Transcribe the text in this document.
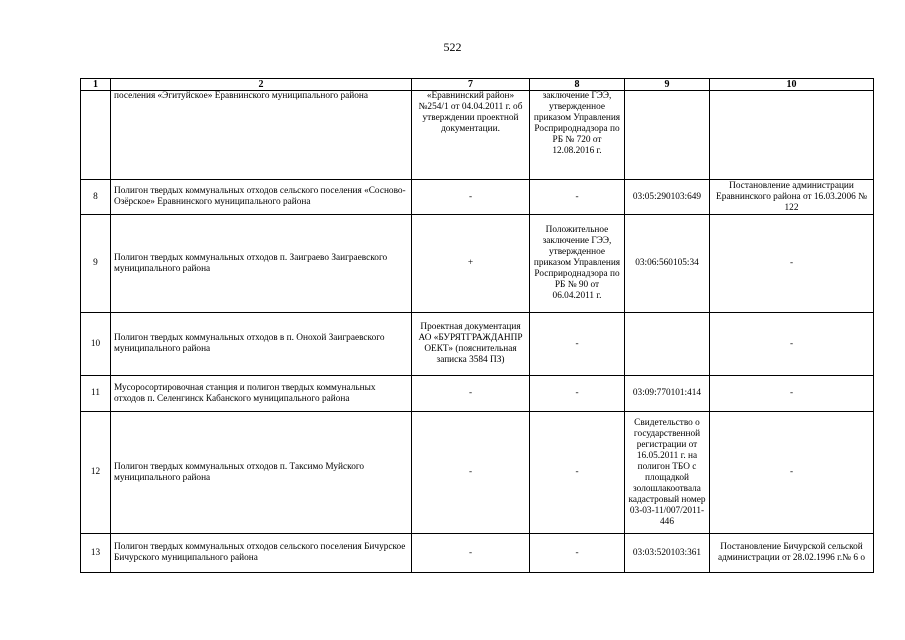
522
1	2	7	8	9	10
	поселения «Эгитуйское» Еравнинского муниципального района	«Еравнинский район» №254/1 от 04.04.2011 г. об утверждении проектной документации.	заключение ГЭЭ, утвержденное приказом Управления Росприроднадзора по РБ № 720 от 12.08.2016 г.		
8	Полигон твердых коммунальных отходов сельского поселения «Сосново-Озёрское» Еравнинского муниципального района	-	-	03:05:290103:649	Постановление администрации Еравнинского района от 16.03.2006 № 122
9	Полигон твердых коммунальных отходов п. Заиграево Заиграевского муниципального района	+	Положительное заключение ГЭЭ, утвержденное приказом Управления Росприроднадзора по РБ № 90 от 06.04.2011 г.	03:06:560105:34	-
10	Полигон твердых коммунальных отходов в п. Онохой Заиграевского муниципального района	Проектная документация АО «БУРЯТГРАЖДАНПР ОЕКТ» (пояснительная записка 3584 ПЗ)	-		-
11	Мусоросортировочная станция и полигон твердых коммунальных отходов п. Селенгинск Кабанского муниципального района	-	-	03:09:770101:414	-
12	Полигон твердых коммунальных отходов п. Таксимо Муйского муниципального района	-	-	Свидетельство о государственной регистрации от 16.05.2011 г. на полигон ТБО с площадкой золошлакоотвала кадастровый номер 03-03-11/007/2011-446	-
13	Полигон твердых коммунальных отходов сельского поселения Бичурское Бичурского муниципального района	-	-	03:03:520103:361	Постановление Бичурской сельской администрации от 28.02.1996 г.№ 6 о
